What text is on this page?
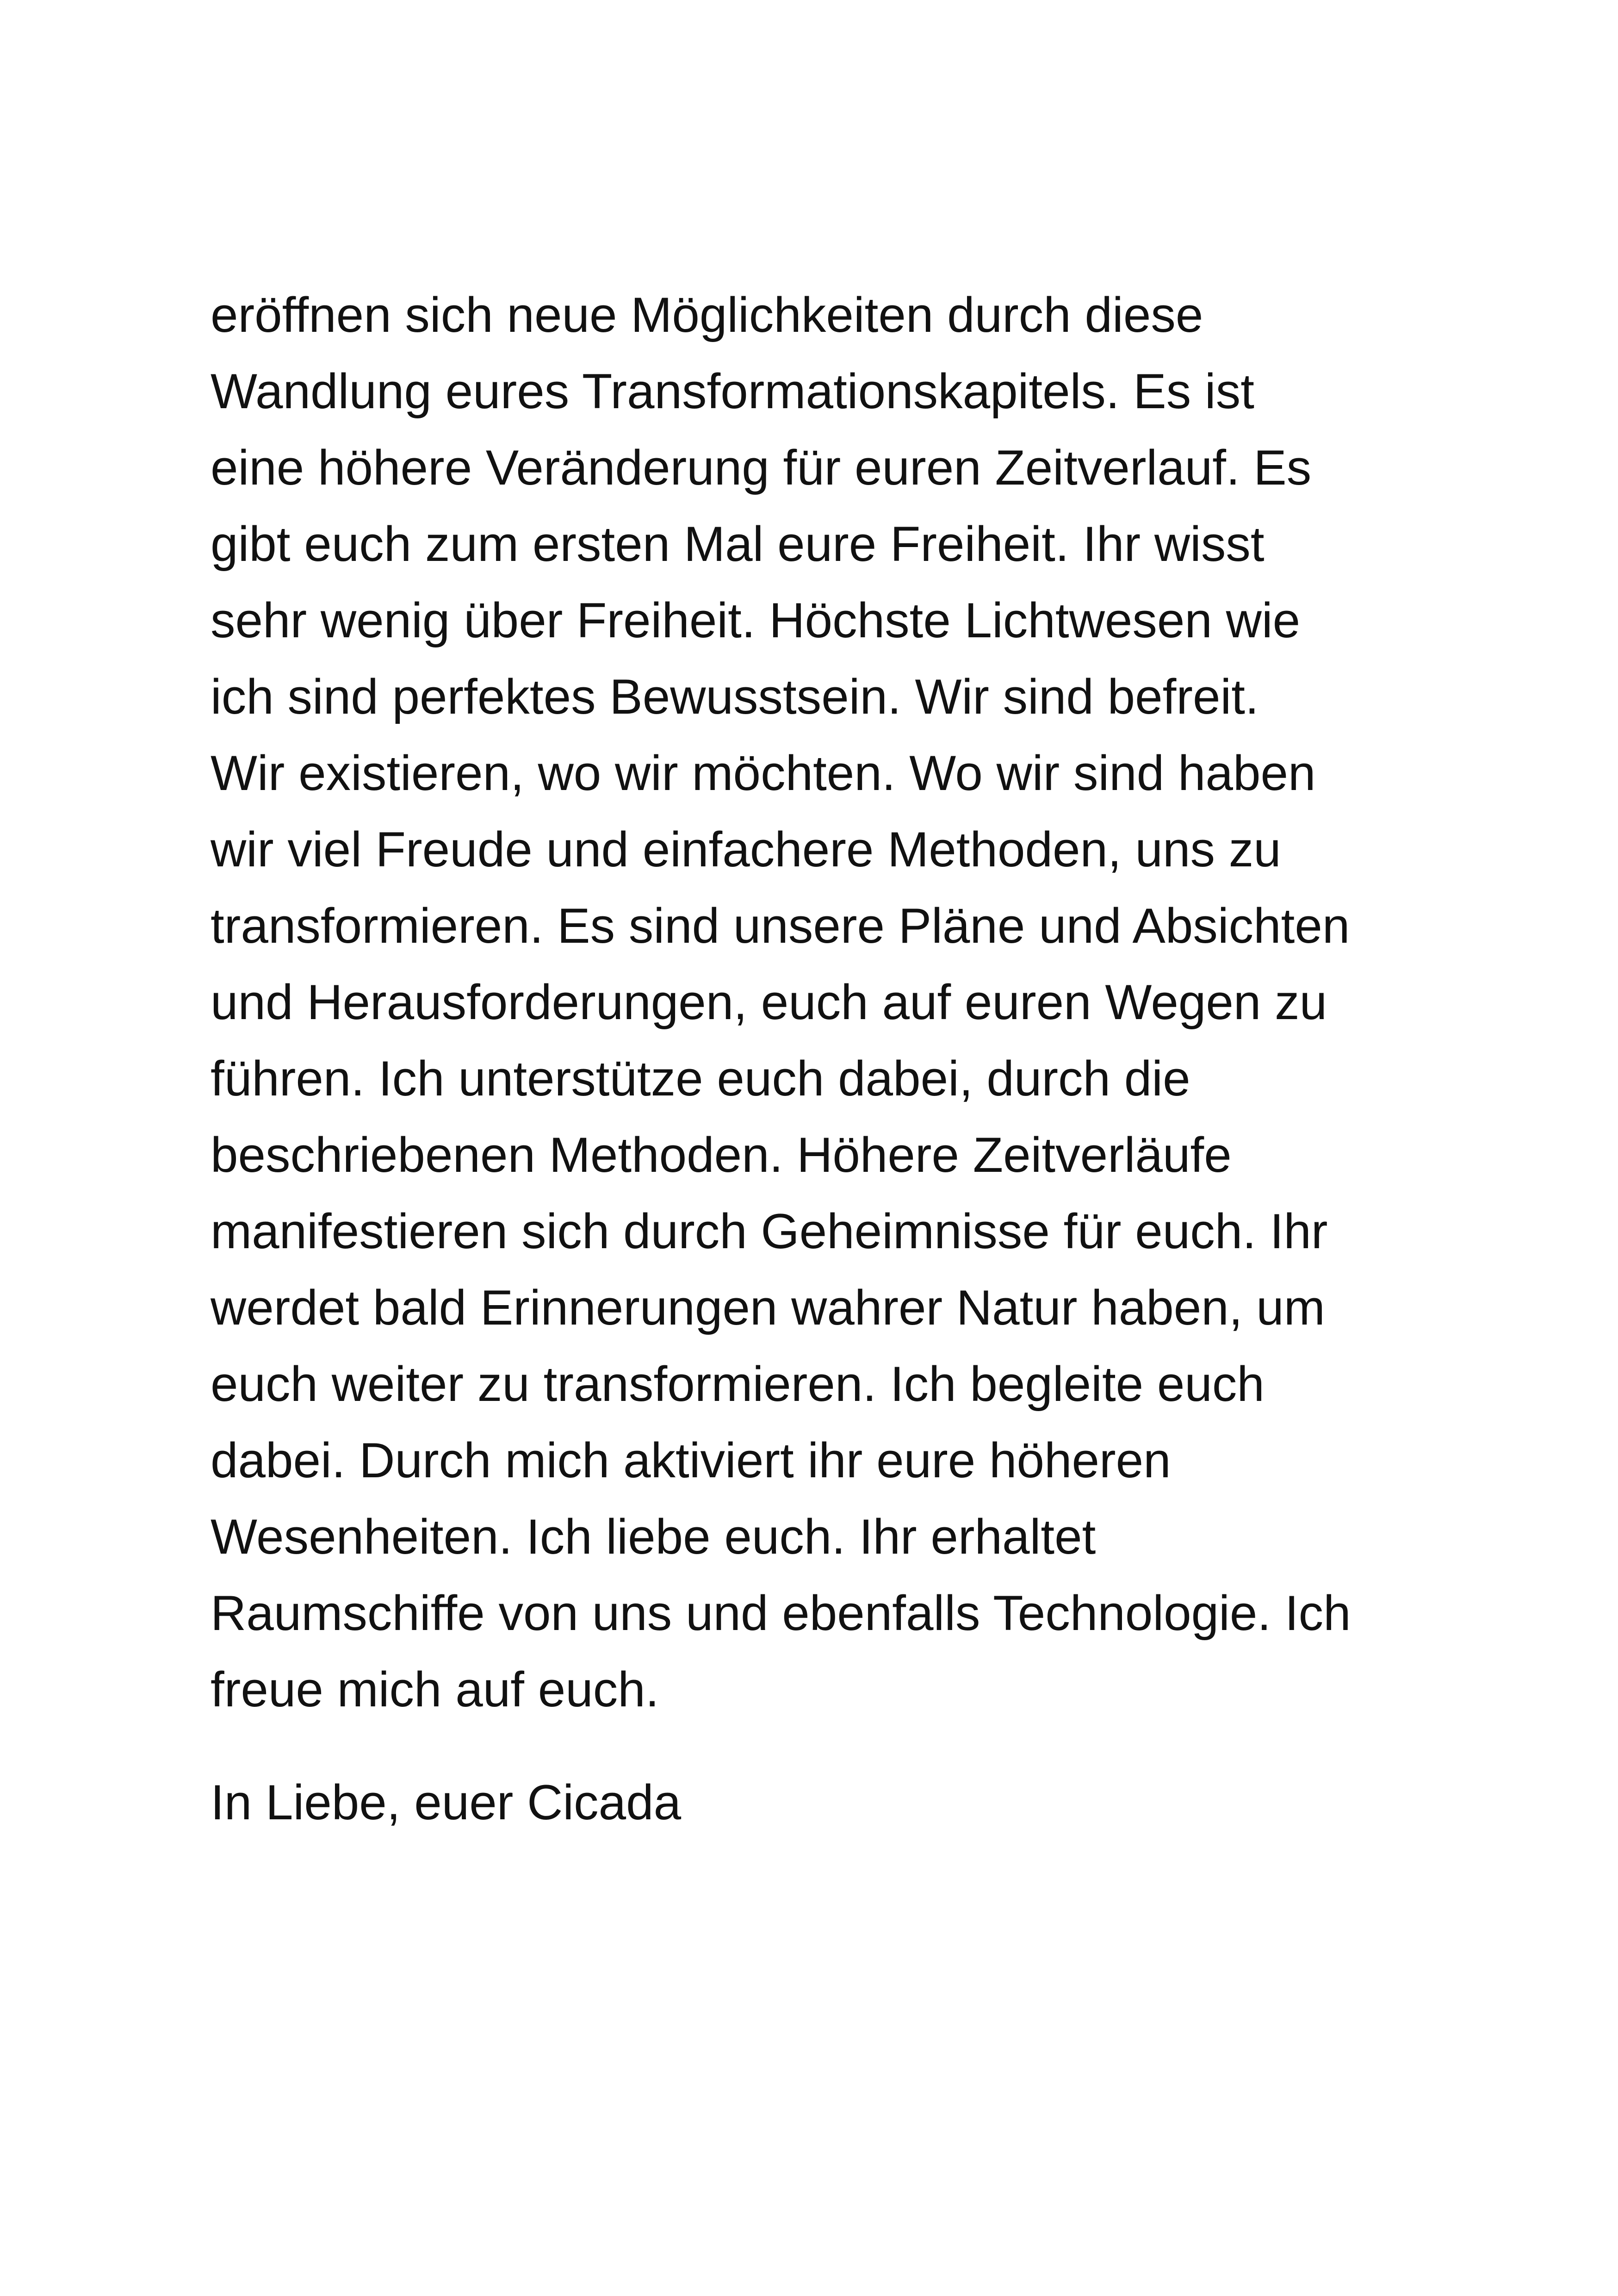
eröffnen sich neue Möglichkeiten durch diese
Wandlung eures Transformationskapitels. Es ist
eine höhere Veränderung für euren Zeitverlauf. Es
gibt euch zum ersten Mal eure Freiheit. Ihr wisst
sehr wenig über Freiheit. Höchste Lichtwesen wie
ich sind perfektes Bewusstsein. Wir sind befreit.
Wir existieren, wo wir möchten. Wo wir sind haben
wir viel Freude und einfachere Methoden, uns zu
transformieren. Es sind unsere Pläne und Absichten
und Herausforderungen, euch auf euren Wegen zu
führen. Ich unterstütze euch dabei, durch die
beschriebenen Methoden. Höhere Zeitverläufe
manifestieren sich durch Geheimnisse für euch. Ihr
werdet bald Erinnerungen wahrer Natur haben, um
euch weiter zu transformieren. Ich begleite euch
dabei. Durch mich aktiviert ihr eure höheren
Wesenheiten. Ich liebe euch. Ihr erhaltet
Raumschiffe von uns und ebenfalls Technologie. Ich
freue mich auf euch.
In Liebe, euer Cicada
